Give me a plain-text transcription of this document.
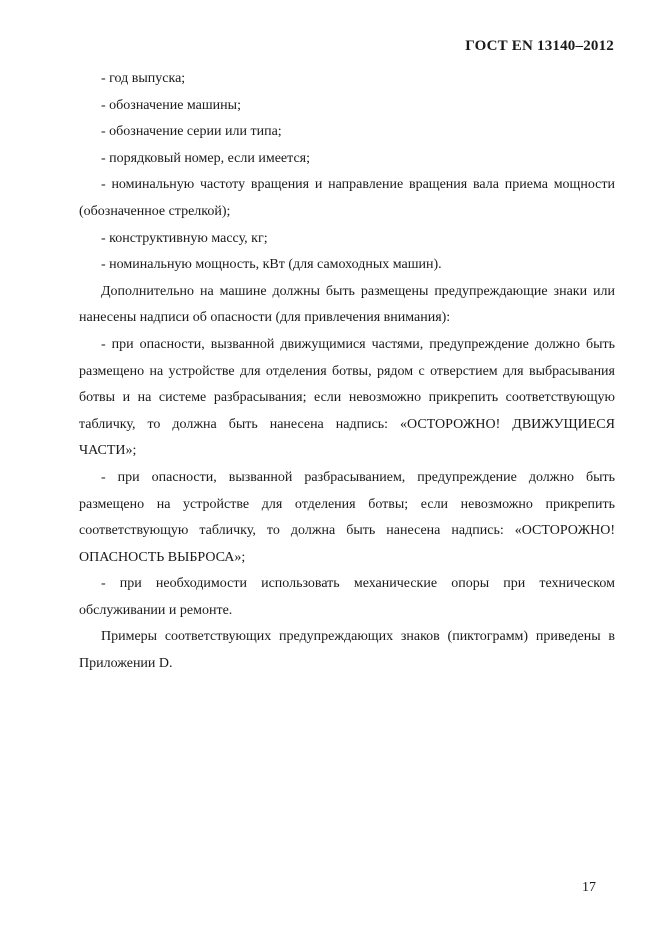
ГОСТ EN 13140–2012

- год выпуска;

- обозначение машины;

- обозначение серии или типа;

- порядковый номер, если имеется;

- номинальную частоту вращения и направление вращения вала приема мощности (обозначенное стрелкой);

- конструктивную массу, кг;

- номинальную мощность, кВт (для самоходных машин).

Дополнительно на машине должны быть размещены предупреждающие знаки или нанесены надписи об опасности (для привлечения внимания):

- при опасности, вызванной движущимися частями, предупреждение должно быть размещено на устройстве для отделения ботвы, рядом с отверстием для выбрасывания ботвы и на системе разбрасывания; если невозможно прикрепить соответствующую табличку, то должна быть нанесена надпись: «ОСТОРОЖНО! ДВИЖУЩИЕСЯ ЧАСТИ»;

- при опасности, вызванной разбрасыванием, предупреждение должно быть размещено на устройстве для отделения ботвы; если невозможно прикрепить соответствующую табличку, то должна быть нанесена надпись: «ОСТОРОЖНО! ОПАСНОСТЬ ВЫБРОСА»;

- при необходимости использовать механические опоры при техническом обслуживании и ремонте.

Примеры соответствующих предупреждающих знаков (пиктограмм) приведены в Приложении D.

17
